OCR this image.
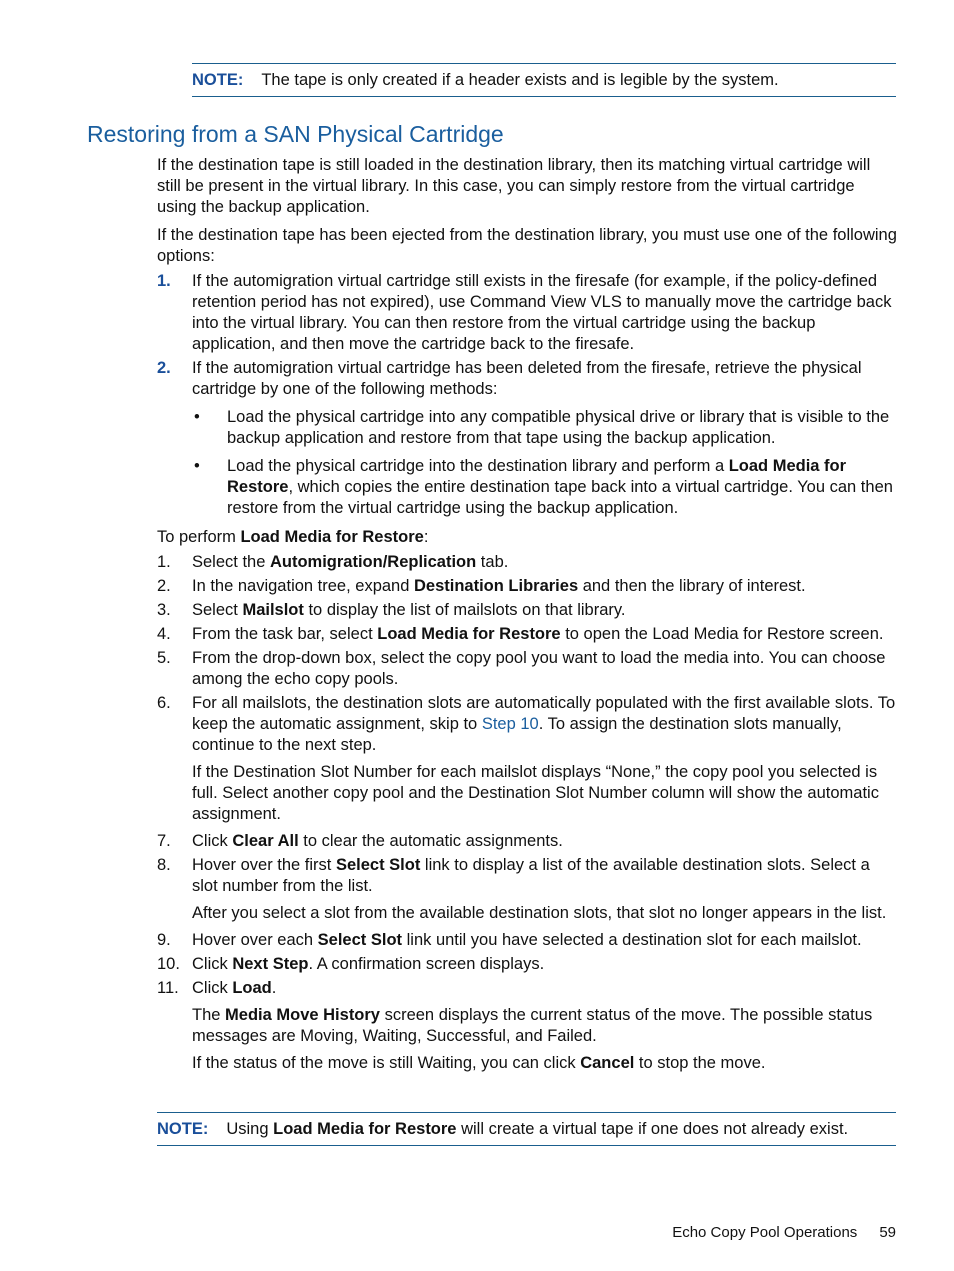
NOTE: The tape is only created if a header exists and is legible by the system.
Restoring from a SAN Physical Cartridge

If the destination tape is still loaded in the destination library, then its matching virtual cartridge will still be present in the virtual library. In this case, you can simply restore from the virtual cartridge using the backup application.

If the destination tape has been ejected from the destination library, you must use one of the following options:

1. If the automigration virtual cartridge still exists in the firesafe (for example, if the policy-defined retention period has not expired), use Command View VLS to manually move the cartridge back into the virtual library. You can then restore from the virtual cartridge using the backup application, and then move the cartridge back to the firesafe.
2. If the automigration virtual cartridge has been deleted from the firesafe, retrieve the physical cartridge by one of the following methods:
• Load the physical cartridge into any compatible physical drive or library that is visible to the backup application and restore from that tape using the backup application.
• Load the physical cartridge into the destination library and perform a Load Media for Restore, which copies the entire destination tape back into a virtual cartridge. You can then restore from the virtual cartridge using the backup application.

To perform Load Media for Restore:

1. Select the Automigration/Replication tab.
2. In the navigation tree, expand Destination Libraries and then the library of interest.
3. Select Mailslot to display the list of mailslots on that library.
4. From the task bar, select Load Media for Restore to open the Load Media for Restore screen.
5. From the drop-down box, select the copy pool you want to load the media into. You can choose among the echo copy pools.
6. For all mailslots, the destination slots are automatically populated with the first available slots. To keep the automatic assignment, skip to Step 10. To assign the destination slots manually, continue to the next step.

If the Destination Slot Number for each mailslot displays “None,” the copy pool you selected is full. Select another copy pool and the Destination Slot Number column will show the automatic assignment.

7. Click Clear All to clear the automatic assignments.
8. Hover over the first Select Slot link to display a list of the available destination slots. Select a slot number from the list.

After you select a slot from the available destination slots, that slot no longer appears in the list.

9. Hover over each Select Slot link until you have selected a destination slot for each mailslot.
10. Click Next Step. A confirmation screen displays.
11. Click Load.

The Media Move History screen displays the current status of the move. The possible status messages are Moving, Waiting, Successful, and Failed.

If the status of the move is still Waiting, you can click Cancel to stop the move.

NOTE: Using Load Media for Restore will create a virtual tape if one does not already exist.
Echo Copy Pool Operations 59
